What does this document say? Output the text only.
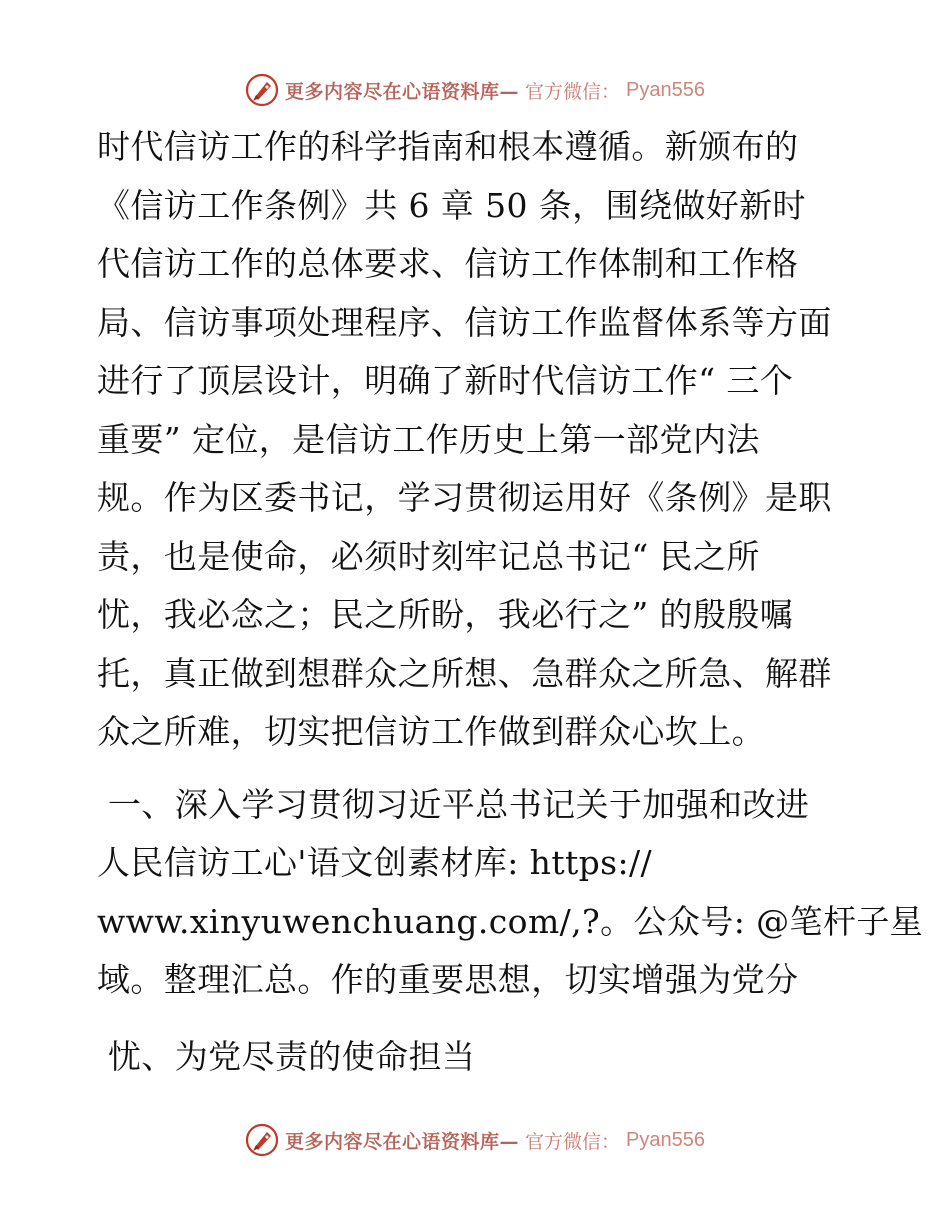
更多内容尽在心语资料库— 官方微信： Pyan556
时代信访工作的科学指南和根本遵循。新颁布的
《信访工作条例》共 6 章 50 条，围绕做好新时
代信访工作的总体要求、信访工作体制和工作格
局、信访事项处理程序、信访工作监督体系等方面
进行了顶层设计，明确了新时代信访工作“ 三个
重要” 定位，是信访工作历史上第一部党内法
规。作为区委书记，学习贯彻运用好《条例》是职
责，也是使命，必须时刻牢记总书记“ 民之所
忧，我必念之；民之所盼，我必行之” 的殷殷嘱
托，真正做到想群众之所想、急群众之所急、解群
众之所难，切实把信访工作做到群众心坎上。
一、深入学习贯彻习近平总书记关于加强和改进
人民信访工心'语文创素材库: https://
www.xinyuwenchuang.com/,?。公众号: @笔杆子星
域。整理汇总。作的重要思想，切实增强为党分
忧、为党尽责的使命担当
更多内容尽在心语资料库— 官方微信： Pyan556
